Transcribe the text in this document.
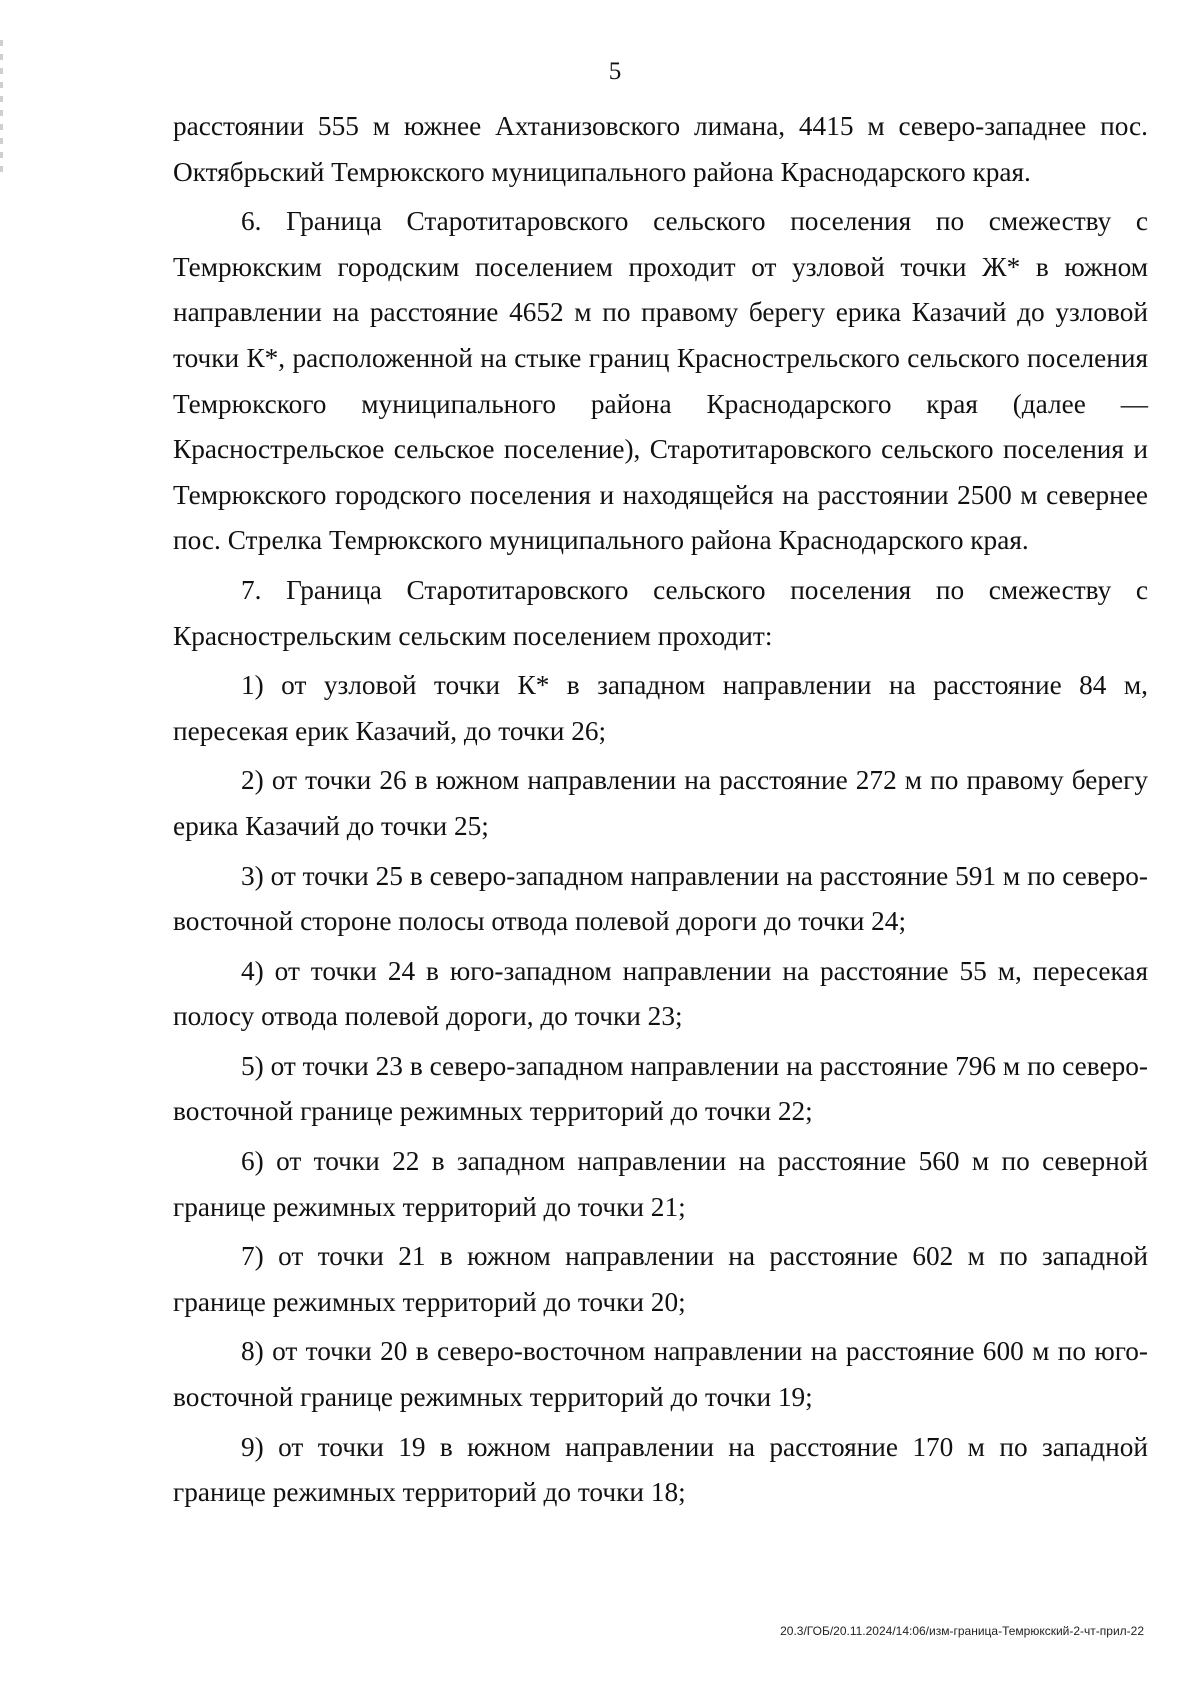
5

расстоянии 555 м южнее Ахтанизовского лимана, 4415 м северо-западнее пос. Октябрьский Темрюкского муниципального района Краснодарского края.

6. Граница Старотитаровского сельского поселения по смежеству с Темрюкским городским поселением проходит от узловой точки Ж* в южном направлении на расстояние 4652 м по правому берегу ерика Казачий до узловой точки К*, расположенной на стыке границ Краснострельского сельского поселения Темрюкского муниципального района Краснодарского края (далее — Краснострельское сельское поселение), Старотитаровского сельского поселения и Темрюкского городского поселения и находящейся на расстоянии 2500 м севернее пос. Стрелка Темрюкского муниципального района Краснодарского края.

7. Граница Старотитаровского сельского поселения по смежеству с Краснострельским сельским поселением проходит:

1) от узловой точки К* в западном направлении на расстояние 84 м, пересекая ерик Казачий, до точки 26;

2) от точки 26 в южном направлении на расстояние 272 м по правому берегу ерика Казачий до точки 25;

3) от точки 25 в северо-западном направлении на расстояние 591 м по северо-восточной стороне полосы отвода полевой дороги до точки 24;

4) от точки 24 в юго-западном направлении на расстояние 55 м, пересекая полосу отвода полевой дороги, до точки 23;

5) от точки 23 в северо-западном направлении на расстояние 796 м по северо-восточной границе режимных территорий до точки 22;

6) от точки 22 в западном направлении на расстояние 560 м по северной границе режимных территорий до точки 21;

7) от точки 21 в южном направлении на расстояние 602 м по западной границе режимных территорий до точки 20;

8) от точки 20 в северо-восточном направлении на расстояние 600 м по юго-восточной границе режимных территорий до точки 19;

9) от точки 19 в южном направлении на расстояние 170 м по западной границе режимных территорий до точки 18;

20.3/ГОБ/20.11.2024/14:06/изм-граница-Темрюкский-2-чт-прил-22
